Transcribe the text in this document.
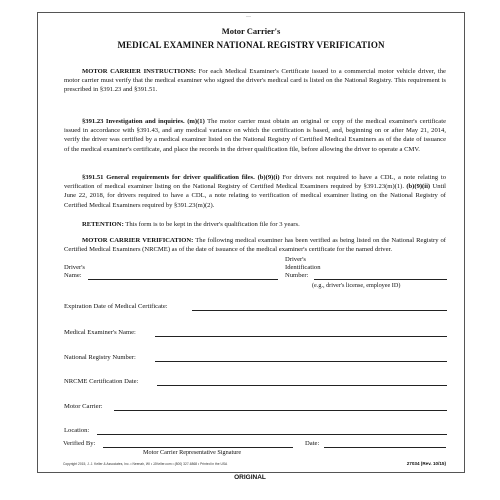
—
Motor Carrier's
MEDICAL EXAMINER NATIONAL REGISTRY VERIFICATION
MOTOR CARRIER INSTRUCTIONS: For each Medical Examiner's Certificate issued to a commercial motor vehicle driver, the motor carrier must verify that the medical examiner who signed the driver's medical card is listed on the National Registry. This requirement is prescribed in §391.23 and §391.51.
§391.23 Investigation and inquiries. (m)(1) The motor carrier must obtain an original or copy of the medical examiner's certificate issued in accordance with §391.43, and any medical variance on which the certification is based, and, beginning on or after May 21, 2014, verify the driver was certified by a medical examiner listed on the National Registry of Certified Medical Examiners as of the date of issuance of the medical examiner's certificate, and place the records in the driver qualification file, before allowing the driver to operate a CMV.
§391.51 General requirements for driver qualification files. (b)(9)(i) For drivers not required to have a CDL, a note relating to verification of medical examiner listing on the National Registry of Certified Medical Examiners required by §391.23(m)(1). (b)(9)(ii) Until June 22, 2018, for drivers required to have a CDL, a note relating to verification of medical examiner listing on the National Registry of Certified Medical Examiners required by §391.23(m)(2).
RETENTION: This form is to be kept in the driver's qualification file for 3 years.
MOTOR CARRIER VERIFICATION: The following medical examiner has been verified as being listed on the National Registry of Certified Medical Examiners (NRCME) as of the date of issuance of the medical examiner's certificate for the named driver.
Driver's
Name:
Driver's
Identification
Number:
(e.g., driver's license, employee ID)
Expiration Date of Medical Certificate:
Medical Examiner's Name:
National Registry Number:
NRCME Certification Date:
Motor Carrier:
Location:
Verified By:
Motor Carrier Representative Signature
Date:
Copyright 2015, J. J. Keller & Associates, Inc. • Neenah, WI • JJKeller.com • (800) 327-6868 • Printed in the USA	27034 (Rev. 10/15)
ORIGINAL
